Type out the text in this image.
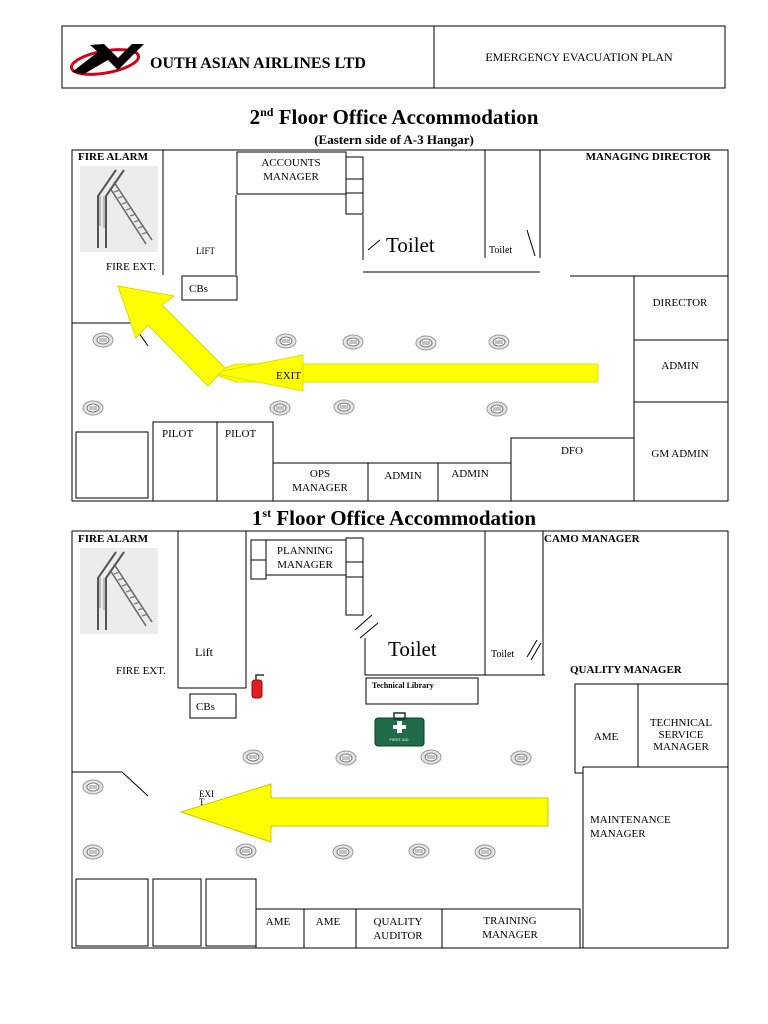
OUTH ASIAN AIRLINES LTD	EMERGENCY EVACUATION PLAN
2nd Floor Office Accommodation
(Eastern side of A-3 Hangar)
FIRE ALARM	MANAGING DIRECTOR
LIFT
FIRE EXT.
CBs
ACCOUNTS
MANAGER
Toilet	Toilet
DIRECTOR
ADMIN
GM ADMIN
PILOT	PILOT
OPS
MANAGER
ADMIN	ADMIN
DFO
EXIT
1st Floor Office Accommodation
FIRE ALARM	CAMO MANAGER
Lift
FIRE EXT.
CBs
PLANNING
MANAGER
Toilet	Toilet
QUALITY MANAGER
Technical Library
FIRST AID	AME
TECHNICAL
SERVICE
MANAGER
MAINTENANCE
MANAGER
AME AME	QUALITY
AUDITOR
TRAINING
MANAGER
EXI
T
